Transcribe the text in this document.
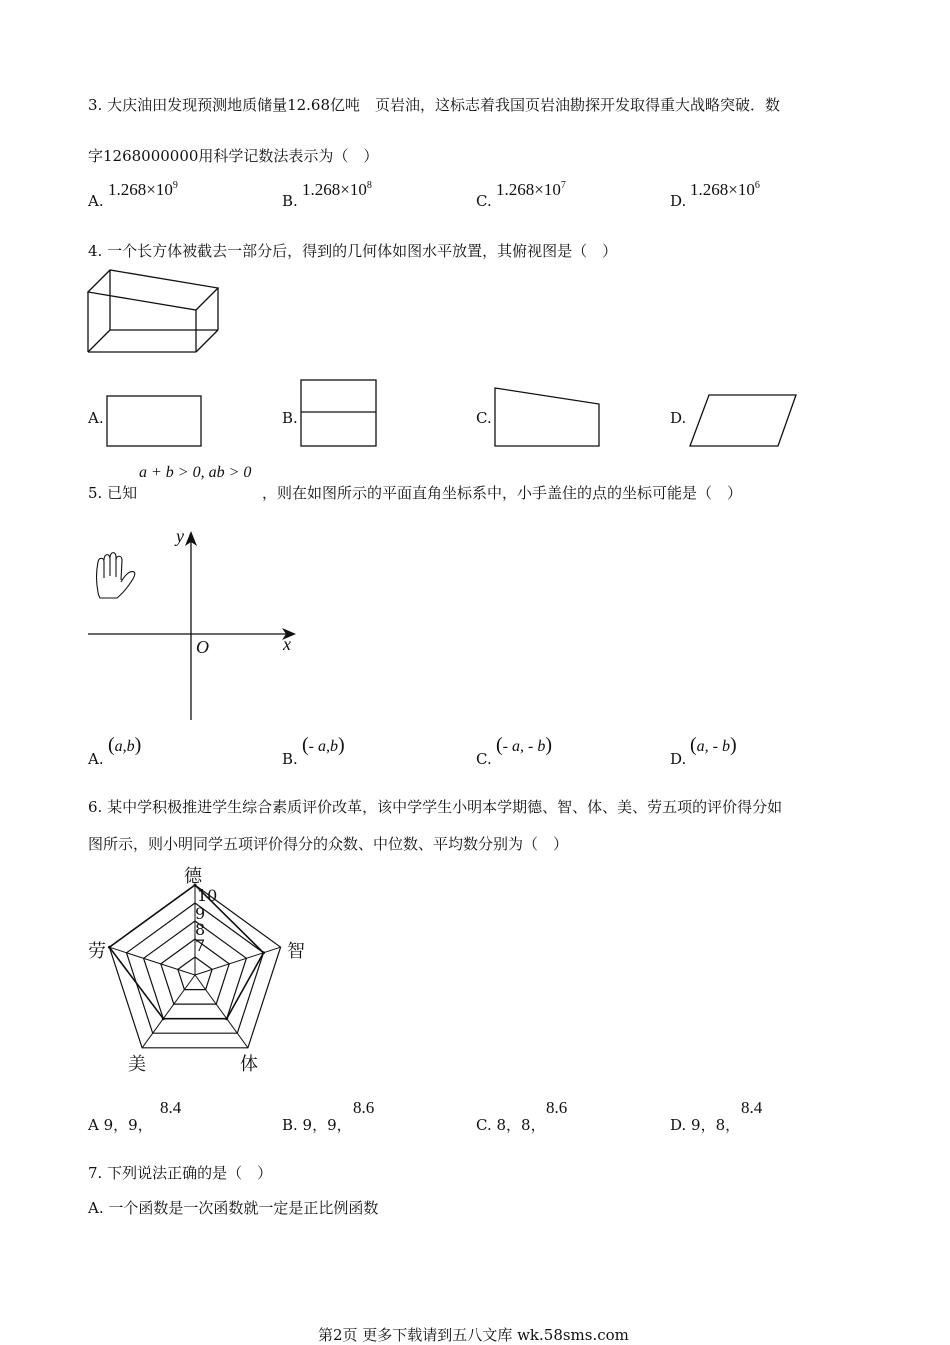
3. 大庆油田发现预测地质储量12.68亿吨　页岩油，这标志着我国页岩油勘探开发取得重大战略突破．数
字1268000000用科学记数法表示为（　）
A.
$1.268\times 10^9$
B.
$1.268\times 10^8$
C.
$1.268\times 10^7$
D.
$1.268\times 10^6$
4. 一个长方体被截去一部分后，得到的几何体如图水平放置，其俯视图是（　）
A.	B.	C.	D.
5. 已知
a + b > 0, ab > 0
，则在如图所示的平面直角坐标系中，小手盖住的点的坐标可能是（　）
y
x
O
A.
(a,b)
B.
(- a,b)
C.
(- a, - b)
D.
(a, - b)
6. 某中学积极推进学生综合素质评价改革，该中学学生小明本学期德、智、体、美、劳五项的评价得分如
图所示，则小明同学五项评价得分的众数、中位数、平均数分别为（　）
德
智
体
美
劳
10
9
8
7
A 9，9，
8.4
B. 9，9，
8.6
C. 8，8，
8.6
D. 9，8，
8.4
7. 下列说法正确的是（　）
A. 一个函数是一次函数就一定是正比例函数
第2页 更多下载请到五八文库 wk.58sms.com
